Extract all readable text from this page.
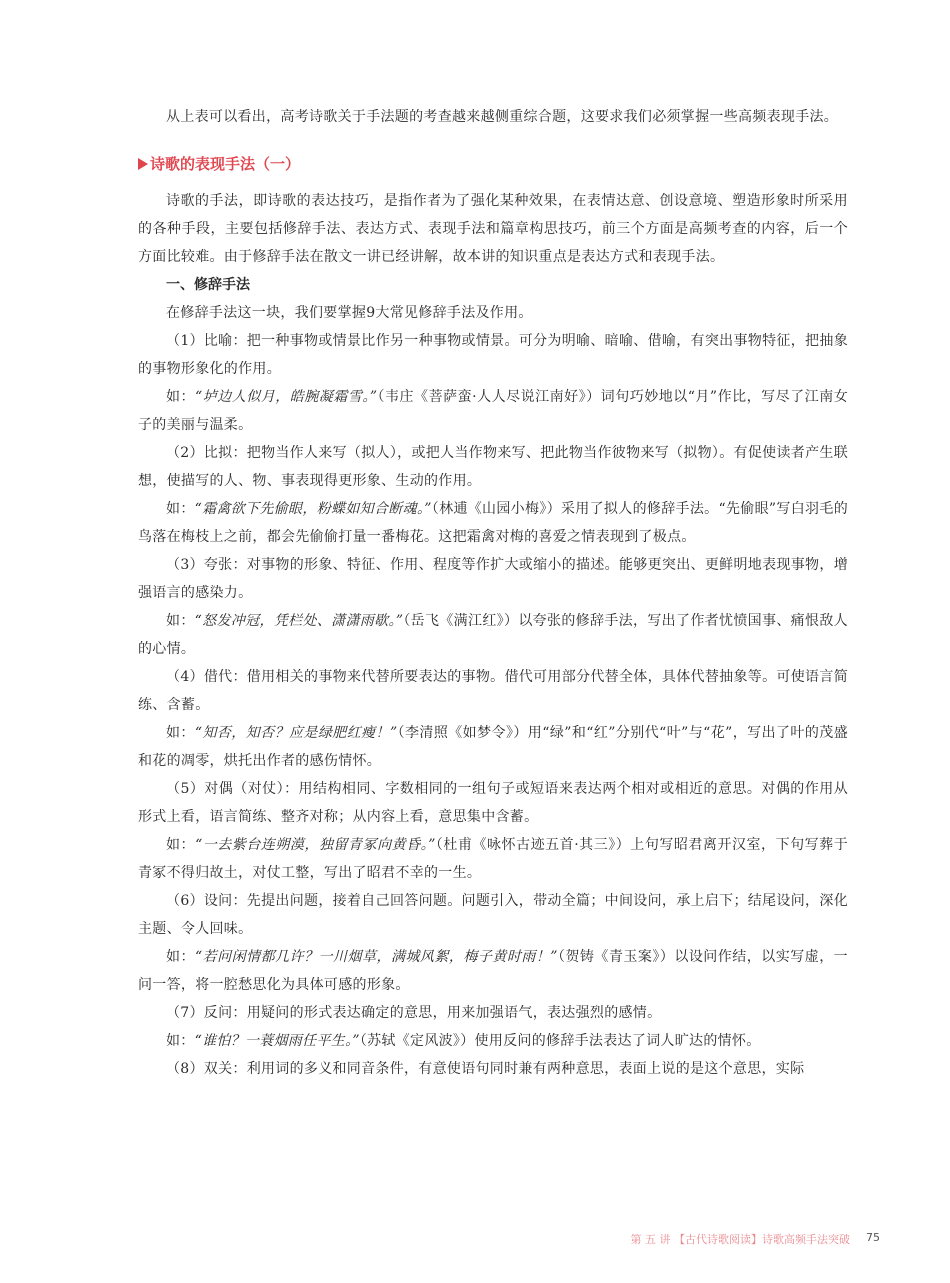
从上表可以看出，高考诗歌关于手法题的考查越来越侧重综合题，这要求我们必须掌握一些高频表现手法。

诗歌的表现手法（一）

诗歌的手法，即诗歌的表达技巧，是指作者为了强化某种效果，在表情达意、创设意境、塑造形象时所采用的各种手段，主要包括修辞手法、表达方式、表现手法和篇章构思技巧，前三个方面是高频考查的内容，后一个方面比较难。由于修辞手法在散文一讲已经讲解，故本讲的知识重点是表达方式和表现手法。

一、修辞手法

在修辞手法这一块，我们要掌握9大常见修辞手法及作用。

（1）比喻：把一种事物或情景比作另一种事物或情景。可分为明喻、暗喻、借喻，有突出事物特征，把抽象的事物形象化的作用。

如：“垆边人似月，皓腕凝霜雪。”（韦庄《菩萨蛮·人人尽说江南好》）词句巧妙地以“月”作比，写尽了江南女子的美丽与温柔。

（2）比拟：把物当作人来写（拟人），或把人当作物来写、把此物当作彼物来写（拟物）。有促使读者产生联想，使描写的人、物、事表现得更形象、生动的作用。

如：“霜禽欲下先偷眼，粉蝶如知合断魂。”（林逋《山园小梅》）采用了拟人的修辞手法。“先偷眼”写白羽毛的鸟落在梅枝上之前，都会先偷偷打量一番梅花。这把霜禽对梅的喜爱之情表现到了极点。

（3）夸张：对事物的形象、特征、作用、程度等作扩大或缩小的描述。能够更突出、更鲜明地表现事物，增强语言的感染力。

如：“怒发冲冠，凭栏处、潇潇雨歇。”（岳飞《满江红》）以夸张的修辞手法，写出了作者忧愤国事、痛恨敌人的心情。

（4）借代：借用相关的事物来代替所要表达的事物。借代可用部分代替全体，具体代替抽象等。可使语言简练、含蓄。

如：“知否，知否？应是绿肥红瘦！”（李清照《如梦令》）用“绿”和“红”分别代“叶”与“花”，写出了叶的茂盛和花的凋零，烘托出作者的感伤情怀。

（5）对偶（对仗）：用结构相同、字数相同的一组句子或短语来表达两个相对或相近的意思。对偶的作用从形式上看，语言简练、整齐对称；从内容上看，意思集中含蓄。

如：“一去紫台连朔漠，独留青冢向黄昏。”（杜甫《咏怀古迹五首·其三》）上句写昭君离开汉室，下句写葬于青冢不得归故土，对仗工整，写出了昭君不幸的一生。

（6）设问：先提出问题，接着自己回答问题。问题引入，带动全篇；中间设问，承上启下；结尾设问，深化主题、令人回味。

如：“若问闲情都几许？一川烟草，满城风絮，梅子黄时雨！”（贺铸《青玉案》）以设问作结，以实写虚，一问一答，将一腔愁思化为具体可感的形象。

（7）反问：用疑问的形式表达确定的意思，用来加强语气，表达强烈的感情。

如：“谁怕？一蓑烟雨任平生。”（苏轼《定风波》）使用反问的修辞手法表达了词人旷达的情怀。

（8）双关：利用词的多义和同音条件，有意使语句同时兼有两种意思，表面上说的是这个意思，实际

第 五 讲 【古代诗歌阅读】诗歌高频手法突破 75
